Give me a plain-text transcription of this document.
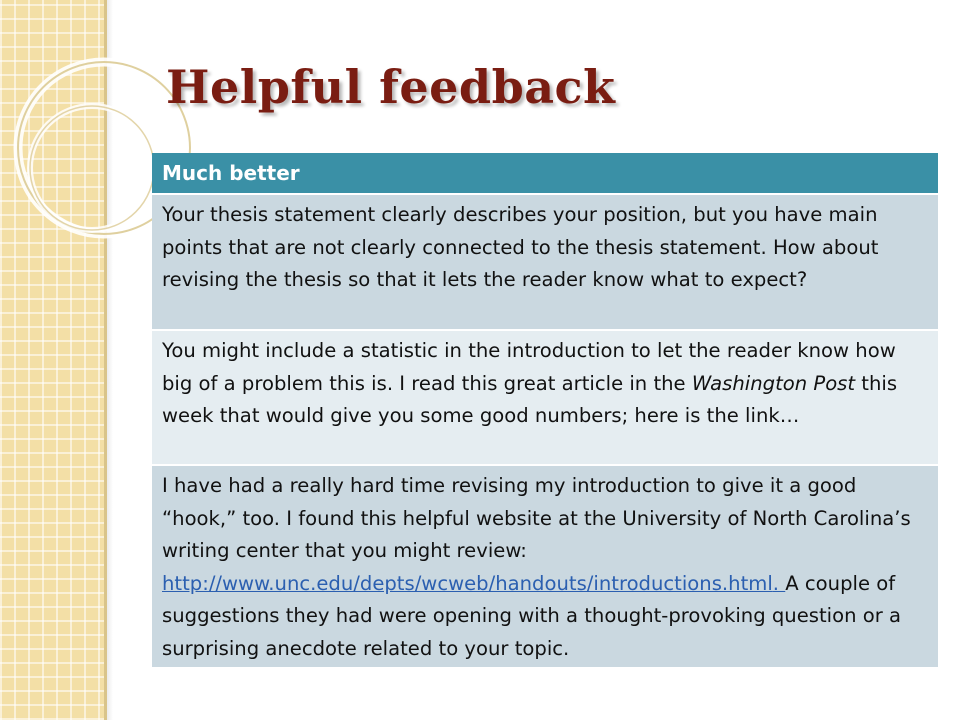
Helpful feedback
Much better
Your thesis statement clearly describes your position, but you have main points that are not clearly connected to the thesis statement. How about revising the thesis so that it lets the reader know what to expect?
You might include a statistic in the introduction to let the reader know how big of a problem this is. I read this great article in the Washington Post this week that would give you some good numbers; here is the link…
I have had a really hard time revising my introduction to give it a good “hook,” too. I found this helpful website at the University of North Carolina’s writing center that you might review: http://www.unc.edu/depts/wcweb/handouts/introductions.html. A couple of suggestions they had were opening with a thought-provoking question or a surprising anecdote related to your topic.
